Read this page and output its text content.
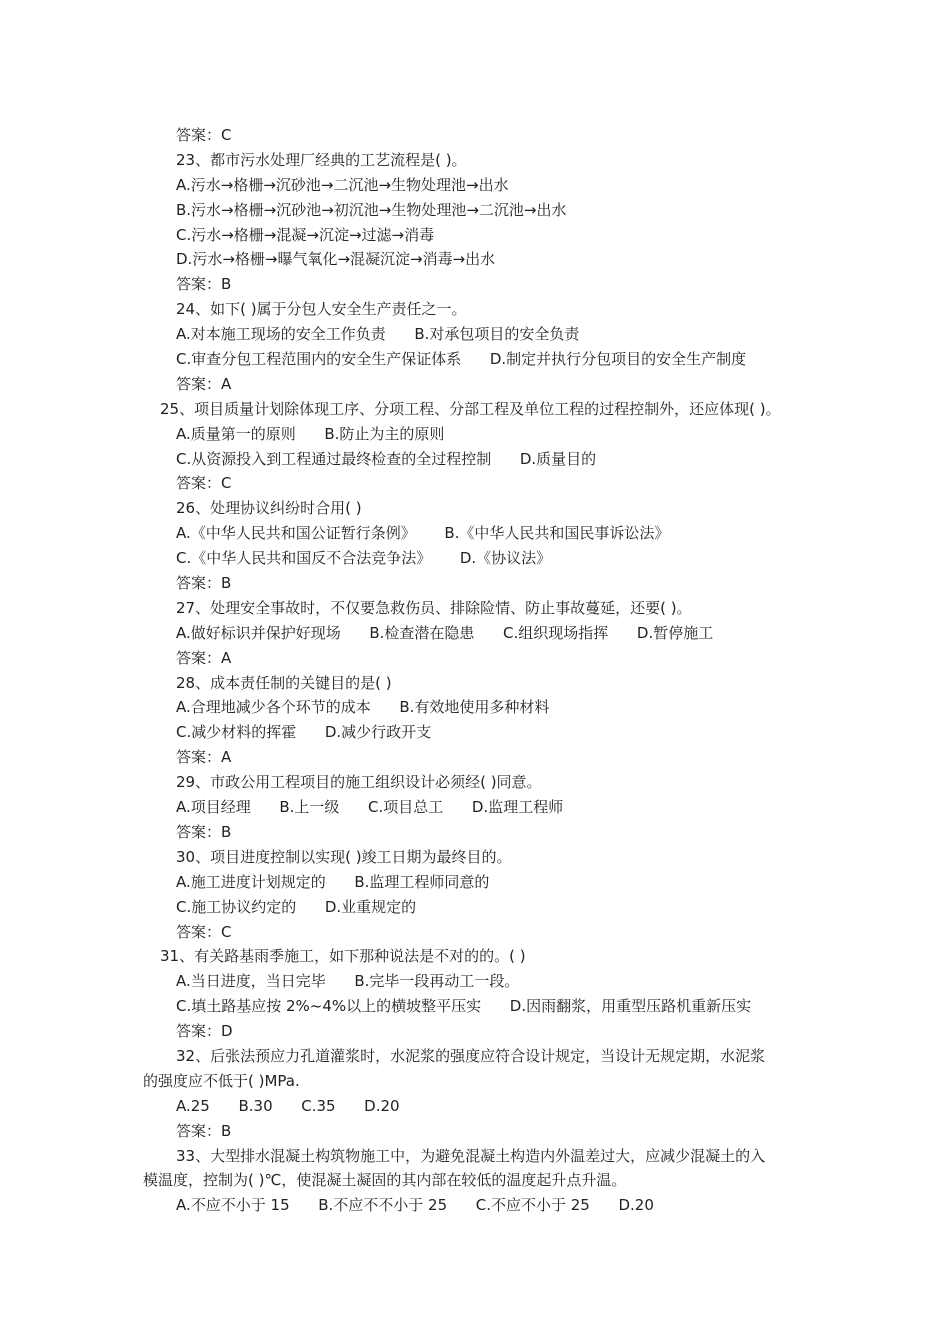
答案：C
23、都市污水处理厂经典的工艺流程是( )。
A.污水→格栅→沉砂池→二沉池→生物处理池→出水
B.污水→格栅→沉砂池→初沉池→生物处理池→二沉池→出水
C.污水→格栅→混凝→沉淀→过滤→消毒
D.污水→格栅→曝气氧化→混凝沉淀→消毒→出水
答案：B
24、如下( )属于分包人安全生产责任之一。
A.对本施工现场的安全工作负责      B.对承包项目的安全负责
C.审查分包工程范围内的安全生产保证体系      D.制定并执行分包项目的安全生产制度
答案：A
25、项目质量计划除体现工序、分项工程、分部工程及单位工程的过程控制外，还应体现( )。
A.质量第一的原则      B.防止为主的原则
C.从资源投入到工程通过最终检查的全过程控制      D.质量目的
答案：C
26、处理协议纠纷时合用( )
A.《中华人民共和国公证暂行条例》      B.《中华人民共和国民事诉讼法》
C.《中华人民共和国反不合法竞争法》      D.《协议法》
答案：B
27、处理安全事故时，不仅要急救伤员、排除险情、防止事故蔓延，还要( )。
A.做好标识并保护好现场      B.检查潜在隐患      C.组织现场指挥      D.暂停施工
答案：A
28、成本责任制的关键目的是( )
A.合理地减少各个环节的成本      B.有效地使用多种材料
C.减少材料的挥霍      D.减少行政开支
答案：A
29、市政公用工程项目的施工组织设计必须经( )同意。
A.项目经理      B.上一级      C.项目总工      D.监理工程师
答案：B
30、项目进度控制以实现( )竣工日期为最终目的。
A.施工进度计划规定的      B.监理工程师同意的
C.施工协议约定的      D.业重规定的
答案：C
31、有关路基雨季施工，如下那种说法是不对的的。( )
A.当日进度，当日完毕      B.完毕一段再动工一段。
C.填土路基应按 2%~4%以上的横坡整平压实      D.因雨翻浆，用重型压路机重新压实
答案：D
32、后张法预应力孔道灌浆时，水泥浆的强度应符合设计规定，当设计无规定期，水泥浆
的强度应不低于( )MPa.
A.25      B.30      C.35      D.20
答案：B
33、大型排水混凝土构筑物施工中，为避免混凝土构造内外温差过大，应减少混凝土的入
模温度，控制为( )℃，使混凝土凝固的其内部在较低的温度起升点升温。
A.不应不小于 15      B.不应不不小于 25      C.不应不小于 25      D.20
